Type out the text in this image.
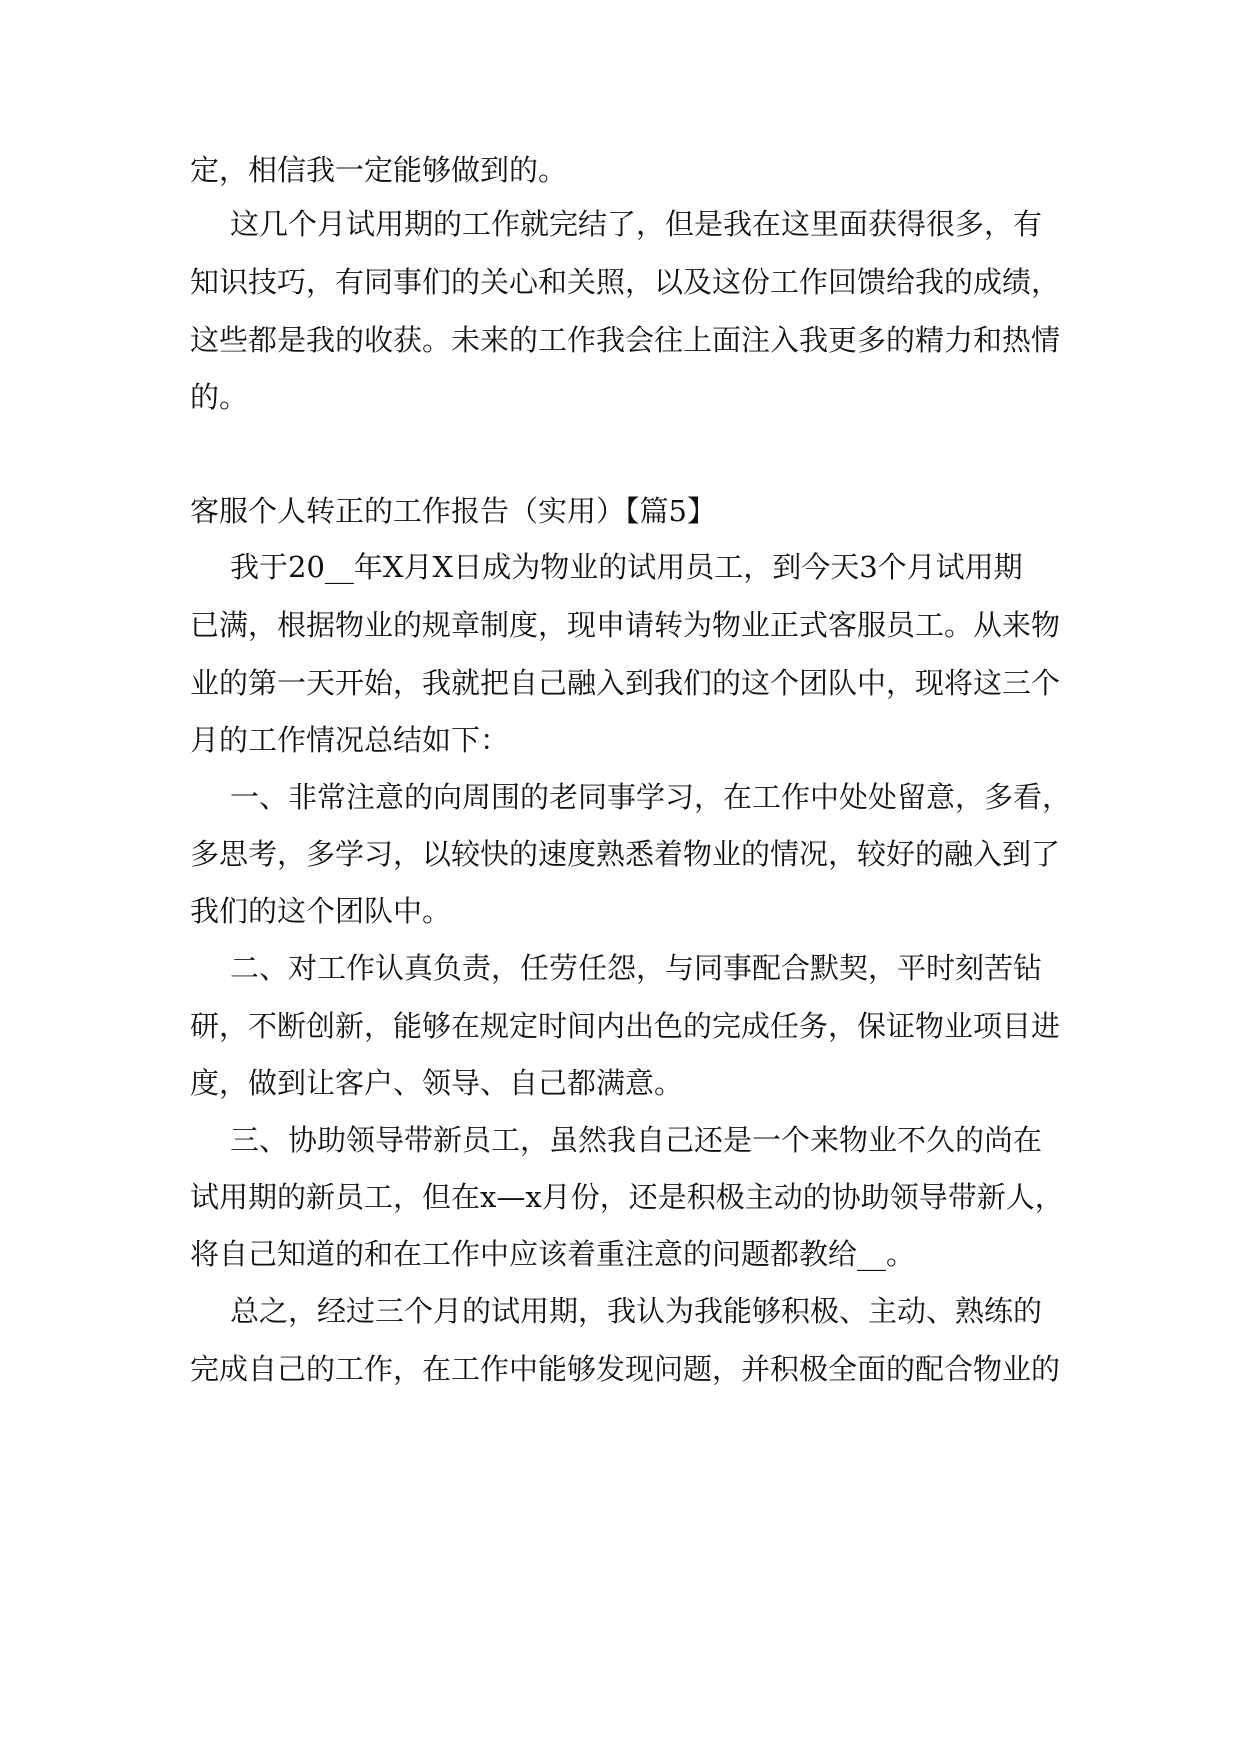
定，相信我一定能够做到的。
这几个月试用期的工作就完结了，但是我在这里面获得很多，有
知识技巧，有同事们的关心和关照，以及这份工作回馈给我的成绩，
这些都是我的收获。未来的工作我会往上面注入我更多的精力和热情
的。
客服个人转正的工作报告（实用）【篇5】
我于20__年X月X日成为物业的试用员工，到今天3个月试用期
已满，根据物业的规章制度，现申请转为物业正式客服员工。从来物
业的第一天开始，我就把自己融入到我们的这个团队中，现将这三个
月的工作情况总结如下：
一、非常注意的向周围的老同事学习，在工作中处处留意，多看，
多思考，多学习，以较快的速度熟悉着物业的情况，较好的融入到了
我们的这个团队中。
二、对工作认真负责，任劳任怨，与同事配合默契，平时刻苦钻
研，不断创新，能够在规定时间内出色的完成任务，保证物业项目进
度，做到让客户、领导、自己都满意。
三、协助领导带新员工，虽然我自己还是一个来物业不久的尚在
试用期的新员工，但在x—x月份，还是积极主动的协助领导带新人，
将自己知道的和在工作中应该着重注意的问题都教给__。
总之，经过三个月的试用期，我认为我能够积极、主动、熟练的
完成自己的工作，在工作中能够发现问题，并积极全面的配合物业的
